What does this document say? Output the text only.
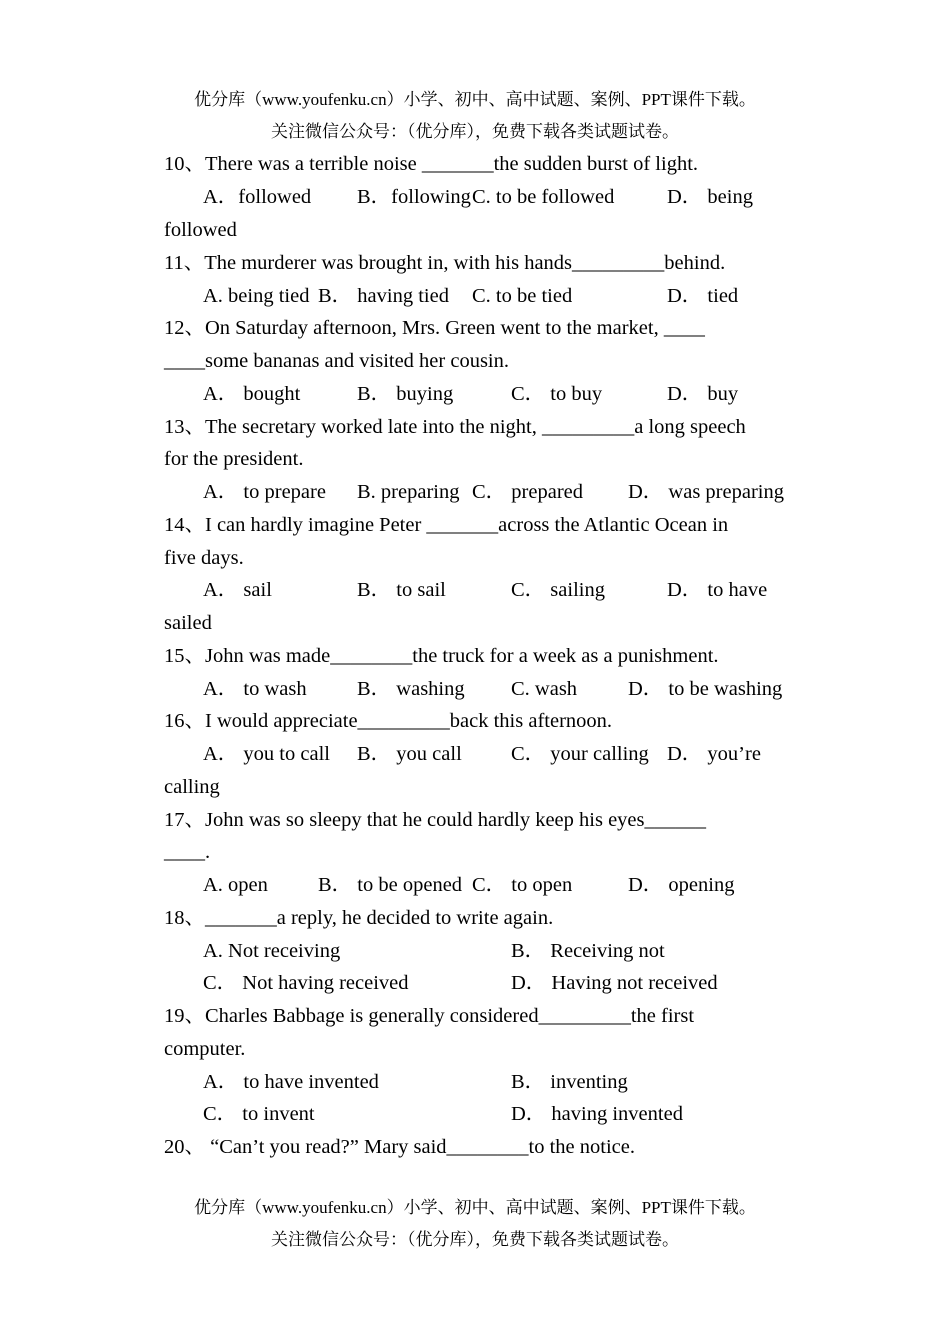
优分库（www.youfenku.cn）小学、初中、高中试题、案例、PPT课件下载。
关注微信公众号：（优分库），免费下载各类试题试卷。
10、There was a terrible noise _______the sudden burst of light.
A．followed B．following C. to be followed	D． being
followed
11、The murderer was brought in, with his hands_________behind.
A. being tied B． having tied C. to be tied	D． tied
12、On Saturday afternoon, Mrs. Green went to the market, ____
____some bananas and visited her cousin.
A． bought	B． buying	C． to buy	D． buy
13、The secretary worked late into the night, _________a long speech
for the president.
A． to prepare B. preparing C． prepared D． was preparing
14、I can hardly imagine Peter _______across the Atlantic Ocean in
five days.
A． sail	B． to sail	C． sailing	D． to have
sailed
15、John was made________the truck for a week as a punishment.
A． to wash B． washing C. wash D． to be washing
16、I would appreciate_________back this afternoon.
A． you to call B． you call C． your calling D． you’re
calling
17、John was so sleepy that he could hardly keep his eyes______
____.
A. open B． to be opened C． to open	D． opening
18、_______a reply, he decided to write again.
A. Not receiving	B． Receiving not
C． Not having received	D． Having not received
19、Charles Babbage is generally considered_________the first
computer.
A． to have invented	B． inventing
C． to invent	D． having invented
20、 “Can’t you read?” Mary said________to the notice.
优分库（www.youfenku.cn）小学、初中、高中试题、案例、PPT课件下载。
关注微信公众号：（优分库），免费下载各类试题试卷。
